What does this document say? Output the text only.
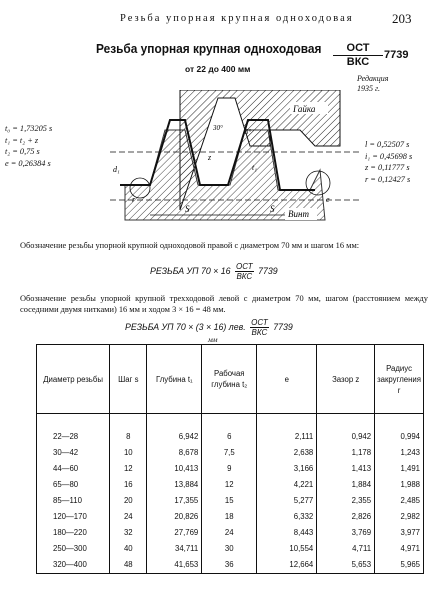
Резьба упорная крупная одноходовая	203
Резьба упорная крупная одноходовая
от 22 до 400 мм
ОСТ
ВКС
7739
Редакция
1935 г.
t₀ = 1,73205 s
t₁ = t₂ + z
t₂ = 0,75 s
e = 0,26384 s
l = 0,52507 s
i₁ = 0,45698 s
z = 0,11777 s
r = 0,12427 s
Гайка
Винт
30°	3°
S	S
d₁
e
z
r
t₁
Обозначение резьбы упорной крупной одноходовой правой с диаметром 70 мм и шагом 16 мм:
РЕЗЬБА УП $70 \times 16 \frac{\text{ОСТ}}{\text{ВКС}} 7739$
Обозначение резьбы упорной крупной трехходовой левой с диаметром 70 мм, шагом (расстоянием между соседними двумя нитками) 16 мм и ходом 3 × 16 = 48 мм.
РЕЗЬБА УП 70 × (3 × 16) лев. $\frac{\text{ОСТ}}{\text{ВКС}} 7739$
мм
Диаметр резьбы	Шаг s	Глубина t₁	Рабочая глубина t₂	e	Зазор z	Радиус закругления r
22—28	8	6,942	6	2,111	0,942	0,994
30—42	10	8,678	7,5	2,638	1,178	1,243
44—60	12	10,413	9	3,166	1,413	1,491
65—80	16	13,884	12	4,221	1,884	1,988
85—110	20	17,355	15	5,277	2,355	2,485
120—170	24	20,826	18	6,332	2,826	2,982
180—220	32	27,769	24	8,443	3,769	3,977
250—300	40	34,711	30	10,554	4,711	4,971
320—400	48	41,653	36	12,664	5,653	5,965
